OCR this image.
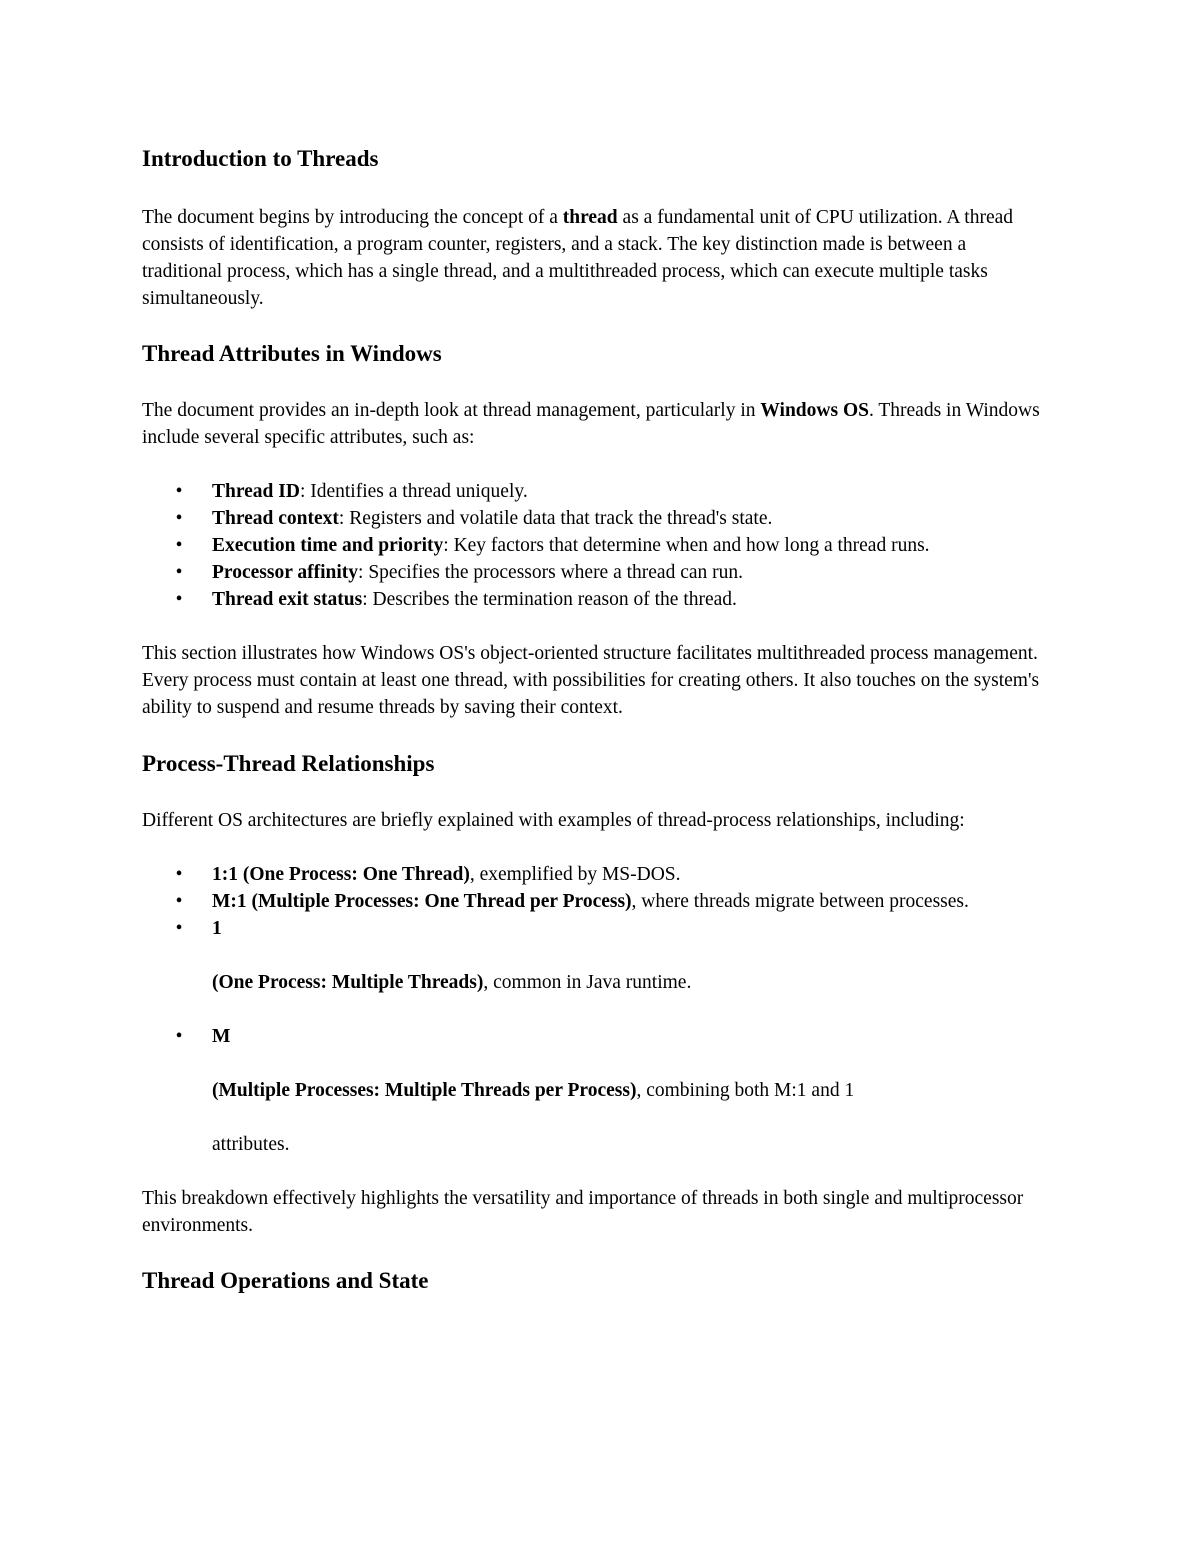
Introduction to Threads

The document begins by introducing the concept of a thread as a fundamental unit of CPU utilization. A thread consists of identification, a program counter, registers, and a stack. The key distinction made is between a traditional process, which has a single thread, and a multithreaded process, which can execute multiple tasks simultaneously.

Thread Attributes in Windows

The document provides an in-depth look at thread management, particularly in Windows OS. Threads in Windows include several specific attributes, such as:

• Thread ID: Identifies a thread uniquely.
• Thread context: Registers and volatile data that track the thread's state.
• Execution time and priority: Key factors that determine when and how long a thread runs.
• Processor affinity: Specifies the processors where a thread can run.
• Thread exit status: Describes the termination reason of the thread.

This section illustrates how Windows OS's object-oriented structure facilitates multithreaded process management. Every process must contain at least one thread, with possibilities for creating others. It also touches on the system's ability to suspend and resume threads by saving their context.

Process-Thread Relationships

Different OS architectures are briefly explained with examples of thread-process relationships, including:

• 1:1 (One Process: One Thread), exemplified by MS-DOS.
• M:1 (Multiple Processes: One Thread per Process), where threads migrate between processes.
• 1
(One Process: Multiple Threads), common in Java runtime.
• M
(Multiple Processes: Multiple Threads per Process), combining both M:1 and 1
attributes.

This breakdown effectively highlights the versatility and importance of threads in both single and multiprocessor environments.

Thread Operations and State
